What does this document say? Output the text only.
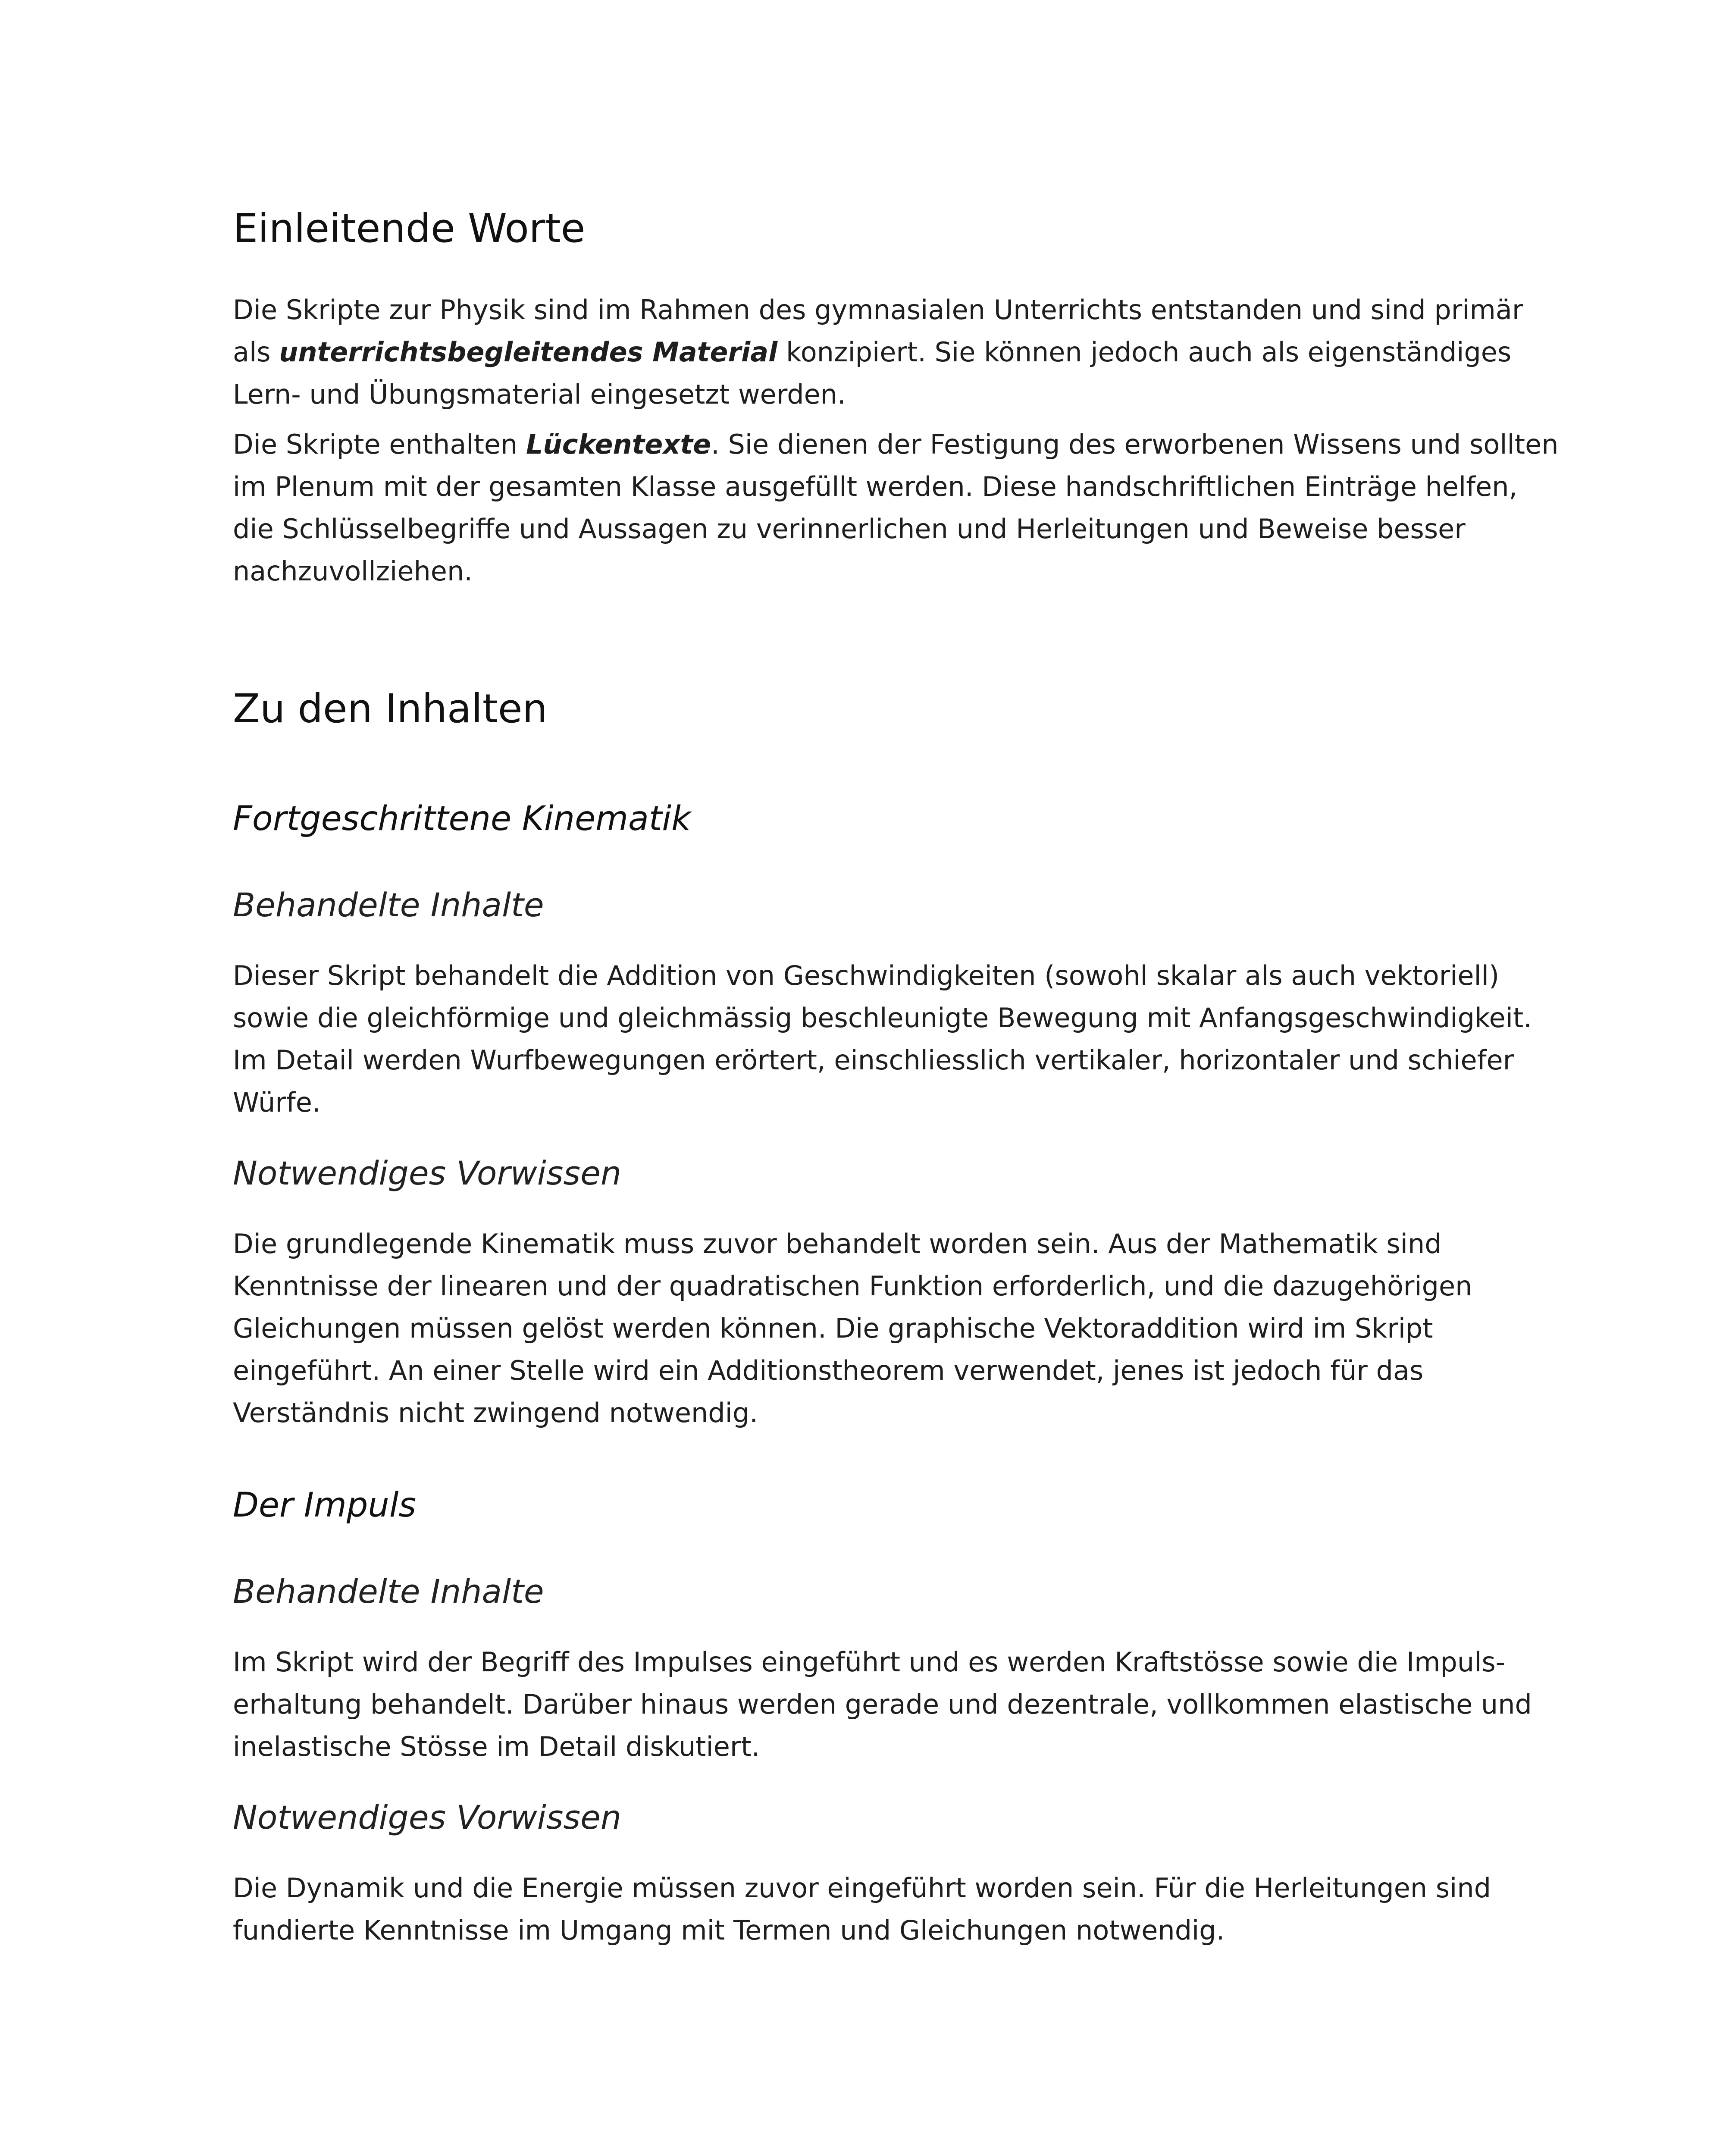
Einleitende Worte

Die Skripte zur Physik sind im Rahmen des gymnasialen Unterrichts entstanden und sind primär als unterrichtsbegleitendes Material konzipiert. Sie können jedoch auch als eigenständiges Lern- und Übungsmaterial eingesetzt werden.

Die Skripte enthalten Lückentexte. Sie dienen der Festigung des erworbenen Wissens und sollten im Plenum mit der gesamten Klasse ausgefüllt werden. Diese handschriftlichen Einträge helfen, die Schlüsselbegriffe und Aussagen zu verinnerlichen und Herleitungen und Beweise besser nachzuvollziehen.

Zu den Inhalten
Fortgeschrittene Kinematik
Behandelte Inhalte

Dieser Skript behandelt die Addition von Geschwindigkeiten (sowohl skalar als auch vektoriell) sowie die gleichförmige und gleichmässig beschleunigte Bewegung mit Anfangsgeschwindigkeit. Im Detail werden Wurfbewegungen erörtert, einschliesslich vertikaler, horizontaler und schiefer Würfe.

Notwendiges Vorwissen

Die grundlegende Kinematik muss zuvor behandelt worden sein. Aus der Mathematik sind Kenntnisse der linearen und der quadratischen Funktion erforderlich, und die dazugehörigen Gleichungen müssen gelöst werden können. Die graphische Vektoraddition wird im Skript eingeführt. An einer Stelle wird ein Additionstheorem verwendet, jenes ist jedoch für das Verständnis nicht zwingend notwendig.

Der Impuls
Behandelte Inhalte

Im Skript wird der Begriff des Impulses eingeführt und es werden Kraftstösse sowie die Impuls-erhaltung behandelt. Darüber hinaus werden gerade und dezentrale, vollkommen elastische und inelastische Stösse im Detail diskutiert.

Notwendiges Vorwissen

Die Dynamik und die Energie müssen zuvor eingeführt worden sein. Für die Herleitungen sind fundierte Kenntnisse im Umgang mit Termen und Gleichungen notwendig.
